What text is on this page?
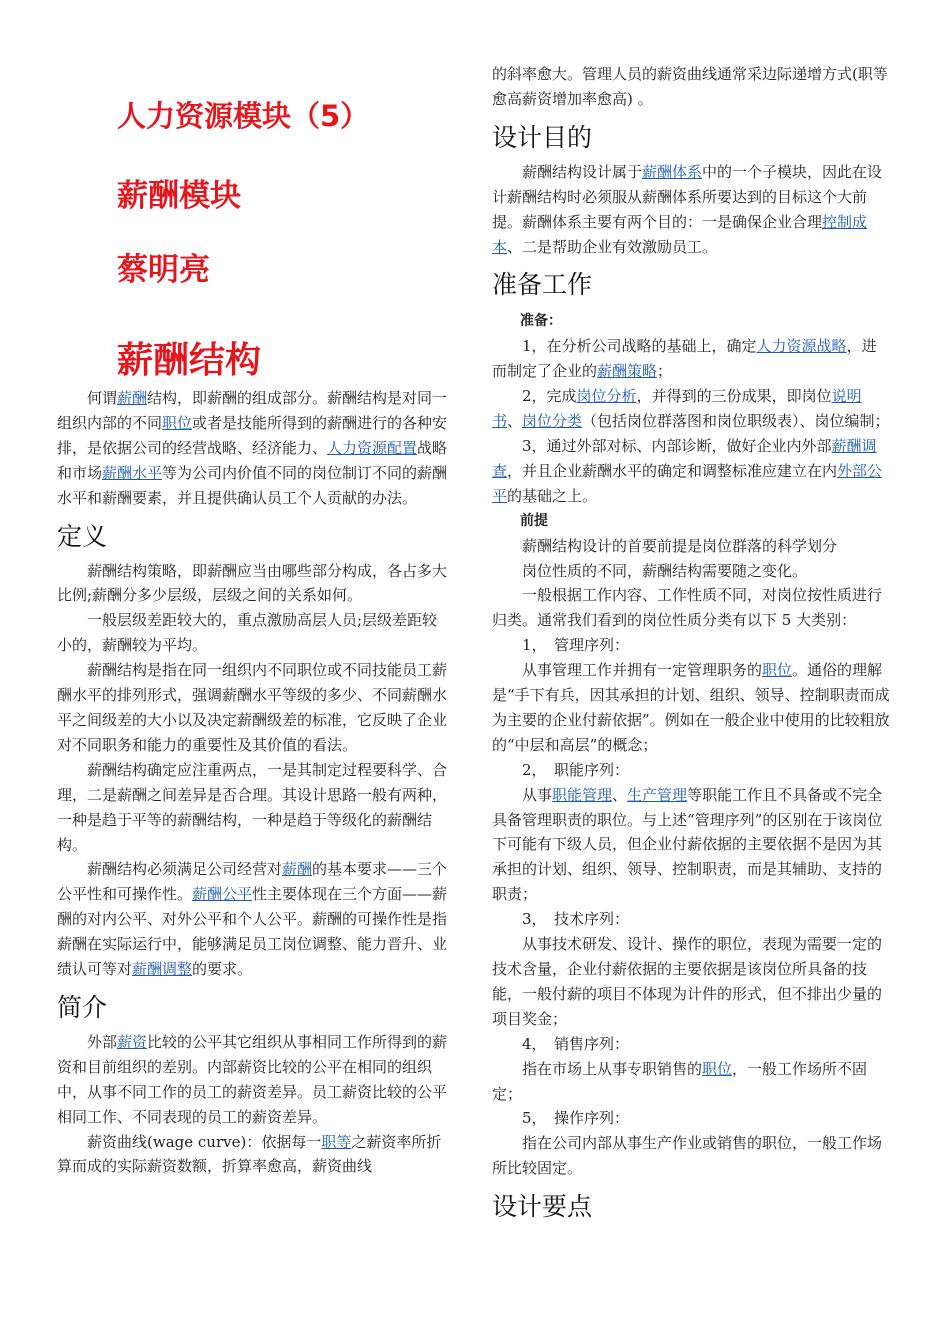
人力资源模块（5）

薪酬模块

蔡明亮

薪酬结构

何谓薪酬结构，即薪酬的组成部分。薪酬结构是对同一组织内部的不同职位或者是技能所得到的薪酬进行的各种安排，是依据公司的经营战略、经济能力、人力资源配置战略和市场薪酬水平等为公司内价值不同的岗位制订不同的薪酬水平和薪酬要素，并且提供确认员工个人贡献的办法。

定义

薪酬结构策略，即薪酬应当由哪些部分构成，各占多大比例;薪酬分多少层级，层级之间的关系如何。

一般层级差距较大的，重点激励高层人员;层级差距较小的，薪酬较为平均。

薪酬结构是指在同一组织内不同职位或不同技能员工薪酬水平的排列形式，强调薪酬水平等级的多少、不同薪酬水平之间级差的大小以及决定薪酬级差的标准，它反映了企业对不同职务和能力的重要性及其价值的看法。

薪酬结构确定应注重两点，一是其制定过程要科学、合理，二是薪酬之间差异是否合理。其设计思路一般有两种，一种是趋于平等的薪酬结构，一种是趋于等级化的薪酬结构。

薪酬结构必须满足公司经营对薪酬的基本要求——三个公平性和可操作性。薪酬公平性主要体现在三个方面——薪酬的对内公平、对外公平和个人公平。薪酬的可操作性是指薪酬在实际运行中，能够满足员工岗位调整、能力晋升、业绩认可等对薪酬调整的要求。

简介

外部薪资比较的公平其它组织从事相同工作所得到的薪资和目前组织的差别。内部薪资比较的公平在相同的组织中，从事不同工作的员工的薪资差异。员工薪资比较的公平相同工作、不同表现的员工的薪资差异。

薪资曲线(wage curve)：依据每一职等之薪资率所折算而成的实际薪资数额，折算率愈高，薪资曲线

的斜率愈大。管理人员的薪资曲线通常采边际递增方式(职等愈高薪资增加率愈高) 。

设计目的

薪酬结构设计属于薪酬体系中的一个子模块，因此在设计薪酬结构时必须服从薪酬体系所要达到的目标这个大前提。薪酬体系主要有两个目的：一是确保企业合理控制成本、二是帮助企业有效激励员工。

准备工作

准备：

1，在分析公司战略的基础上，确定人力资源战略，进而制定了企业的薪酬策略；

2，完成岗位分析，并得到的三份成果，即岗位说明书、岗位分类（包括岗位群落图和岗位职级表）、岗位编制；

3，通过外部对标、内部诊断，做好企业内外部薪酬调查，并且企业薪酬水平的确定和调整标准应建立在内外部公平的基础之上。

前提

薪酬结构设计的首要前提是岗位群落的科学划分

岗位性质的不同，薪酬结构需要随之变化。

一般根据工作内容、工作性质不同，对岗位按性质进行归类。通常我们看到的岗位性质分类有以下 5 大类别：

1，　管理序列：

从事管理工作并拥有一定管理职务的职位。通俗的理解是“手下有兵，因其承担的计划、组织、领导、控制职责而成为主要的企业付薪依据”。例如在一般企业中使用的比较粗放的“中层和高层”的概念；

2，　职能序列：

从事职能管理、生产管理等职能工作且不具备或不完全具备管理职责的职位。与上述“管理序列”的区别在于该岗位下可能有下级人员，但企业付薪依据的主要依据不是因为其承担的计划、组织、领导、控制职责，而是其辅助、支持的职责；

3，　技术序列：

从事技术研发、设计、操作的职位，表现为需要一定的技术含量，企业付薪依据的主要依据是该岗位所具备的技能，一般付薪的项目不体现为计件的形式，但不排出少量的项目奖金；

4，　销售序列：

指在市场上从事专职销售的职位，一般工作场所不固定；

5，　操作序列：

指在公司内部从事生产作业或销售的职位，一般工作场所比较固定。

设计要点
